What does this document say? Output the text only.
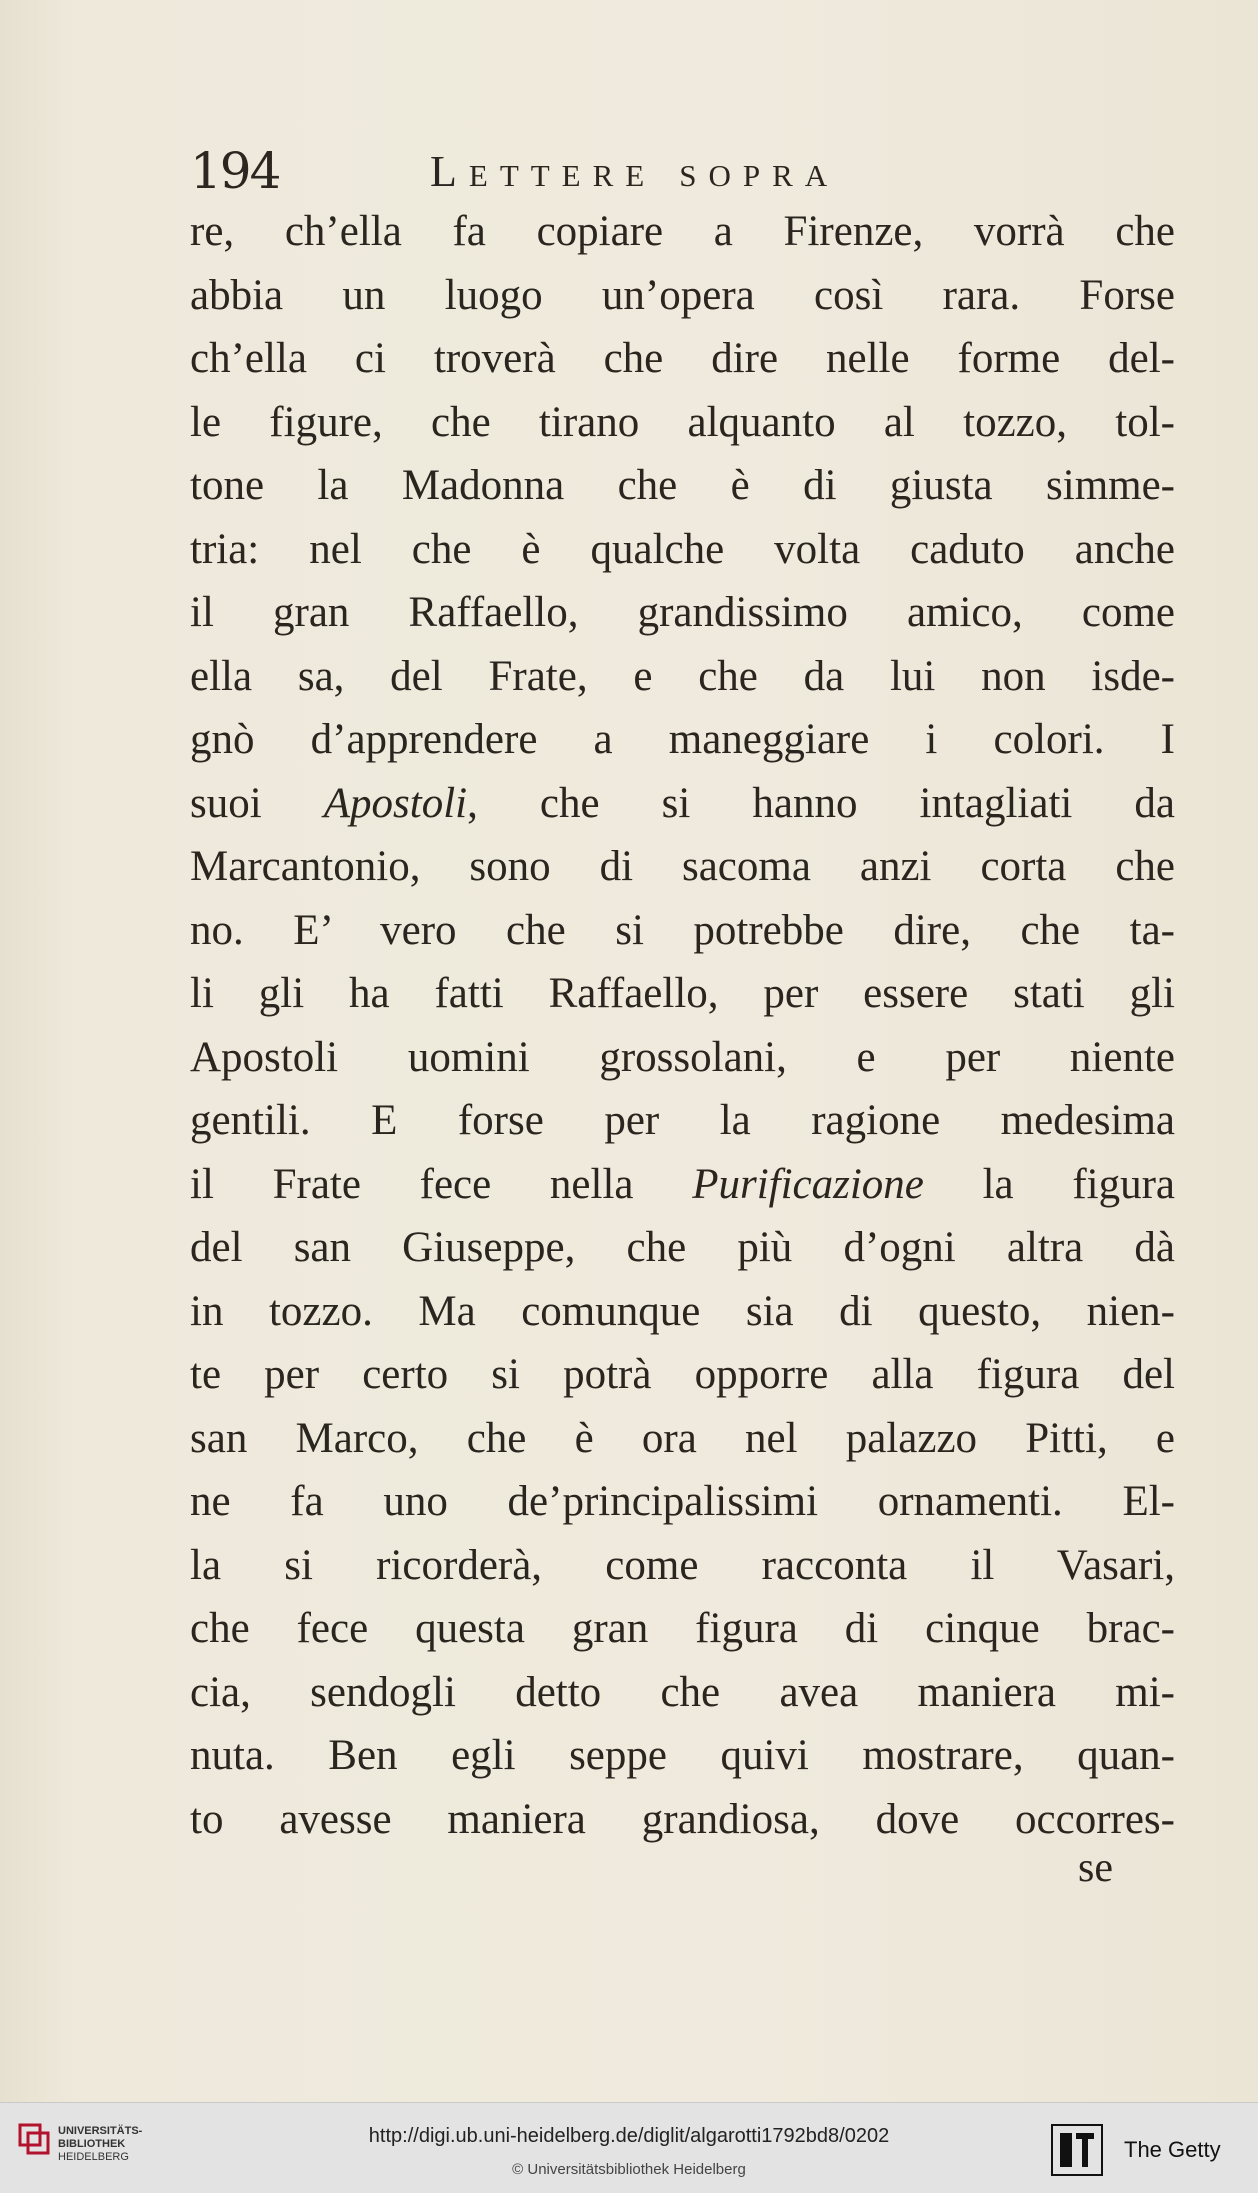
194	Lettere sopra
re, ch’ella fa copiare a Firenze, vorrà che
abbia un luogo un’opera così rara. Forse
ch’ella ci troverà che dire nelle forme del-
le figure, che tirano alquanto al tozzo, tol-
tone la Madonna che è di giusta simme-
tria: nel che è qualche volta caduto anche
il gran Raffaello, grandissimo amico, come
ella sa, del Frate, e che da lui non isde-
gnò d’apprendere a maneggiare i colori. I
suoi Apostoli, che si hanno intagliati da
Marcantonio, sono di sacoma anzi corta che
no. E’ vero che si potrebbe dire, che ta-
li gli ha fatti Raffaello, per essere stati gli
Apostoli uomini grossolani, e per niente
gentili. E forse per la ragione medesima
il Frate fece nella Purificazione la figura
del san Giuseppe, che più d’ogni altra dà
in tozzo. Ma comunque sia di questo, nien-
te per certo si potrà opporre alla figura del
san Marco, che è ora nel palazzo Pitti, e
ne fa uno de’principalissimi ornamenti. El-
la si ricorderà, come racconta il Vasari,
che fece questa gran figura di cinque brac-
cia, sendogli detto che avea maniera mi-
nuta. Ben egli seppe quivi mostrare, quan-
to avesse maniera grandiosa, dove occorres-
se
UNIVERSITÄTS-
BIBLIOTHEK
HEIDELBERG
http://digi.ub.uni-heidelberg.de/diglit/algarotti1792bd8/0202
© Universitätsbibliothek Heidelberg
The Getty
